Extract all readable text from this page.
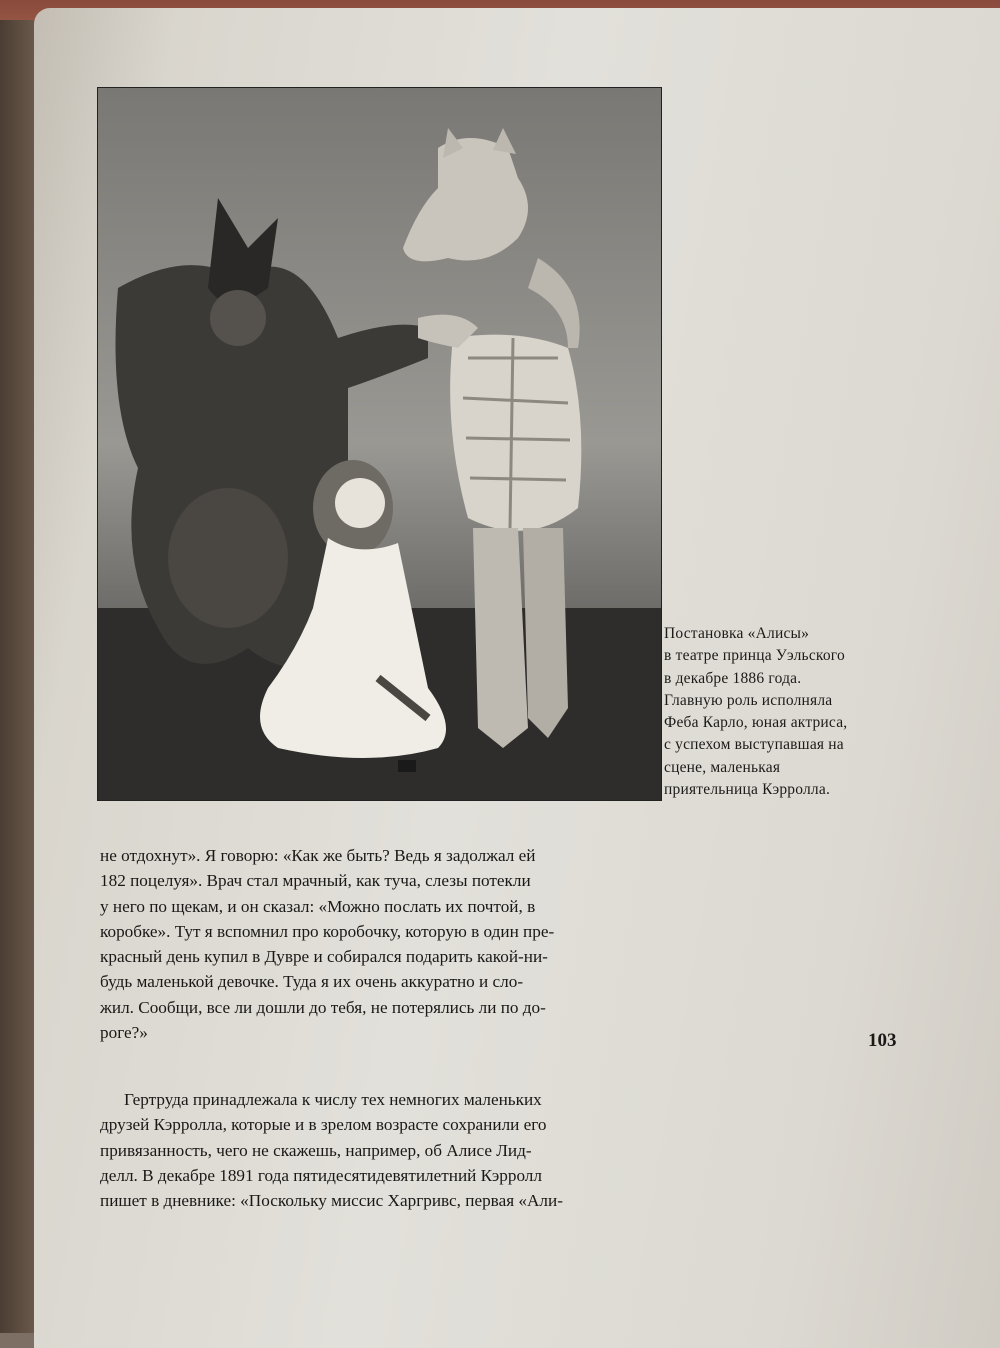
Постановка «Алисы»
в театре принца Уэльского
в декабре 1886 года.
Главную роль исполняла
Феба Карло, юная актриса,
с успехом выступавшая на
сцене, маленькая
приятельница Кэрролла.
не отдохнут». Я говорю: «Как же быть? Ведь я задолжал ей
182 поцелуя». Врач стал мрачный, как туча, слезы потекли
у него по щекам, и он сказал: «Можно послать их почтой, в
коробке». Тут я вспомнил про коробочку, которую в один пре-
красный день купил в Дувре и собирался подарить какой-ни-
будь маленькой девочке. Туда я их очень аккуратно и сло-
жил. Сообщи, все ли дошли до тебя, не потерялись ли по до-
роге?»
Гертруда принадлежала к числу тех немногих маленьких
друзей Кэрролла, которые и в зрелом возрасте сохранили его
привязанность, чего не скажешь, например, об Алисе Лид-
делл. В декабре 1891 года пятидесятидевятилетний Кэрролл
пишет в дневнике: «Поскольку миссис Харгривс, первая «Али-
103
